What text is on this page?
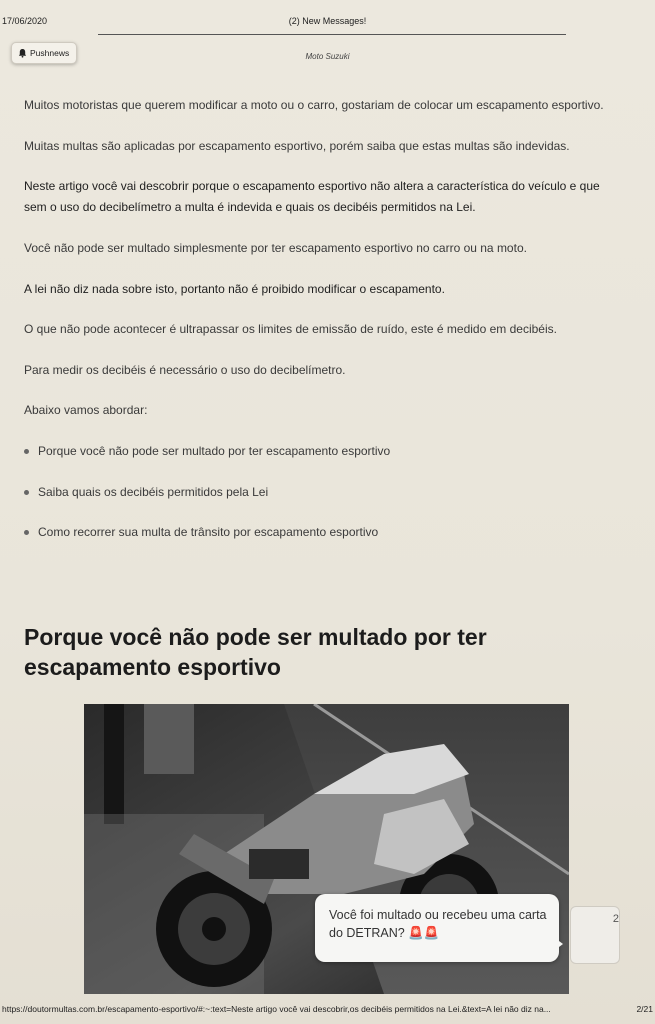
17/06/2020	(2) New Messages!
Pushnews	Moto Suzuki

Muitos motoristas que querem modificar a moto ou o carro, gostariam de colocar um escapamento esportivo.

Muitas multas são aplicadas por escapamento esportivo, porém saiba que estas multas são indevidas.

Neste artigo você vai descobrir porque o escapamento esportivo não altera a característica do veículo e que sem o uso do decibelímetro a multa é indevida e quais os decibéis permitidos na Lei.

Você não pode ser multado simplesmente por ter escapamento esportivo no carro ou na moto.

A lei não diz nada sobre isto, portanto não é proibido modificar o escapamento.

O que não pode acontecer é ultrapassar os limites de emissão de ruído, este é medido em decibéis.

Para medir os decibéis é necessário o uso do decibelímetro.

Abaixo vamos abordar:

Porque você não pode ser multado por ter escapamento esportivo
Saiba quais os decibéis permitidos pela Lei
Como recorrer sua multa de trânsito por escapamento esportivo
Porque você não pode ser multado por ter escapamento esportivo
Você foi multado ou recebeu uma carta do DETRAN? 🚨🚨
2
https://doutormultas.com.br/escapamento-esportivo/#:~:text=Neste artigo você vai descobrir,os decibéis permitidos na Lei.&text=A lei não diz na...	2/21
